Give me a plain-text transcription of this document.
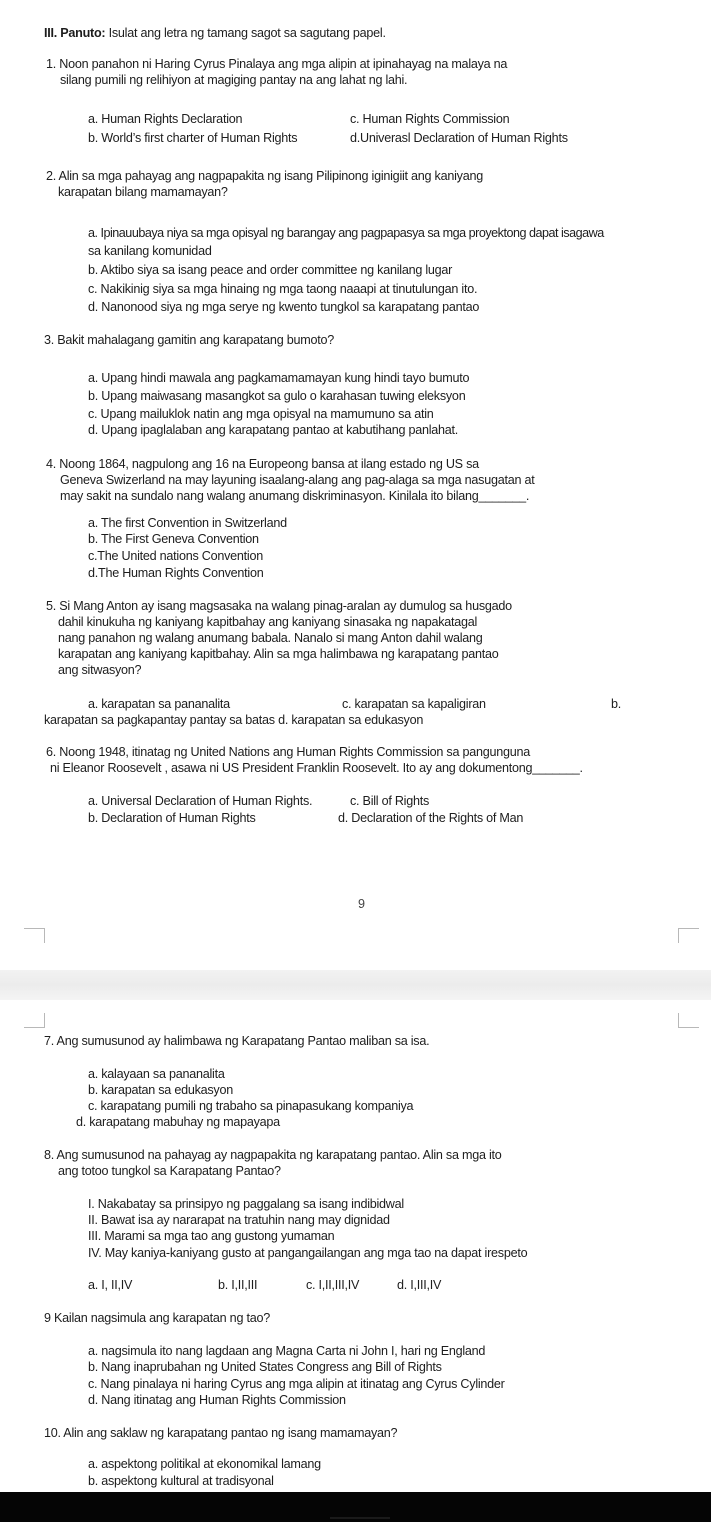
III. Panuto: Isulat ang letra ng tamang sagot sa sagutang papel.
1. Noon panahon ni Haring Cyrus Pinalaya ang mga alipin at ipinahayag na malaya na
silang pumili ng relihiyon at magiging pantay na ang lahat ng lahi.
a. Human Rights Declaration	c. Human Rights Commission
b. World’s first charter of Human Rights	d.Univerasl Declaration of Human Rights
2. Alin sa mga pahayag ang nagpapakita ng isang Pilipinong iginigiit ang kaniyang
karapatan bilang mamamayan?
a. Ipinauubaya niya sa mga opisyal ng barangay ang pagpapasya sa mga proyektong dapat isagawa
sa kanilang komunidad
b. Aktibo siya sa isang peace and order committee ng kanilang lugar
c. Nakikinig siya sa mga hinaing ng mga taong naaapi at tinutulungan ito.
d. Nanonood siya ng mga serye ng kwento tungkol sa karapatang pantao
3. Bakit mahalagang gamitin ang karapatang bumoto?
a. Upang hindi mawala ang pagkamamamayan kung hindi tayo bumuto
b. Upang maiwasang masangkot sa gulo o karahasan tuwing eleksyon
c. Upang mailuklok natin ang mga opisyal na mamumuno sa atin
d. Upang ipaglalaban ang karapatang pantao at kabutihang panlahat.
4. Noong 1864, nagpulong ang 16 na Europeong bansa at ilang estado ng US sa
Geneva Swizerland na may layuning isaalang-alang ang pag-alaga sa mga nasugatan at
may sakit na sundalo nang walang anumang diskriminasyon. Kinilala ito bilang_______.
a. The first Convention in Switzerland
b. The First Geneva Convention
c.The United nations Convention
d.The Human Rights Convention
5. Si Mang Anton ay isang magsasaka na walang pinag-aralan ay dumulog sa husgado
dahil kinukuha ng kaniyang kapitbahay ang kaniyang sinasaka ng napakatagal
nang panahon ng walang anumang babala. Nanalo si mang Anton dahil walang
karapatan ang kaniyang kapitbahay. Alin sa mga halimbawa ng karapatang pantao
ang sitwasyon?
a. karapatan sa pananalita	c. karapatan sa kapaligiran	b.
karapatan sa pagkapantay pantay sa batas d. karapatan sa edukasyon
6. Noong 1948, itinatag ng United Nations ang Human Rights Commission sa pangunguna
ni Eleanor Roosevelt , asawa ni US President Franklin Roosevelt. Ito ay ang dokumentong_______.
a. Universal Declaration of Human Rights.	c. Bill of Rights
b. Declaration of Human Rights	d. Declaration of the Rights of Man
9
7. Ang sumusunod ay halimbawa ng Karapatang Pantao maliban sa isa.
a. kalayaan sa pananalita
b. karapatan sa edukasyon
c. karapatang pumili ng trabaho sa pinapasukang kompaniya
d. karapatang mabuhay ng mapayapa
8. Ang sumusunod na pahayag ay nagpapakita ng karapatang pantao. Alin sa mga ito
ang totoo tungkol sa Karapatang Pantao?
I. Nakabatay sa prinsipyo ng paggalang sa isang indibidwal
II. Bawat isa ay nararapat na tratuhin nang may dignidad
III. Marami sa mga tao ang gustong yumaman
IV. May kaniya-kaniyang gusto at pangangailangan ang mga tao na dapat irespeto
a. I, II,IV	b. I,II,III	c. I,II,III,IV	d. I,III,IV
9 Kailan nagsimula ang karapatan ng tao?
a. nagsimula ito nang lagdaan ang Magna Carta ni John I, hari ng England
b. Nang inaprubahan ng United States Congress ang Bill of Rights
c. Nang pinalaya ni haring Cyrus ang mga alipin at itinatag ang Cyrus Cylinder
d. Nang itinatag ang Human Rights Commission
10. Alin ang saklaw ng karapatang pantao ng isang mamamayan?
a. aspektong politikal at ekonomikal lamang
b. aspektong kultural at tradisyonal
